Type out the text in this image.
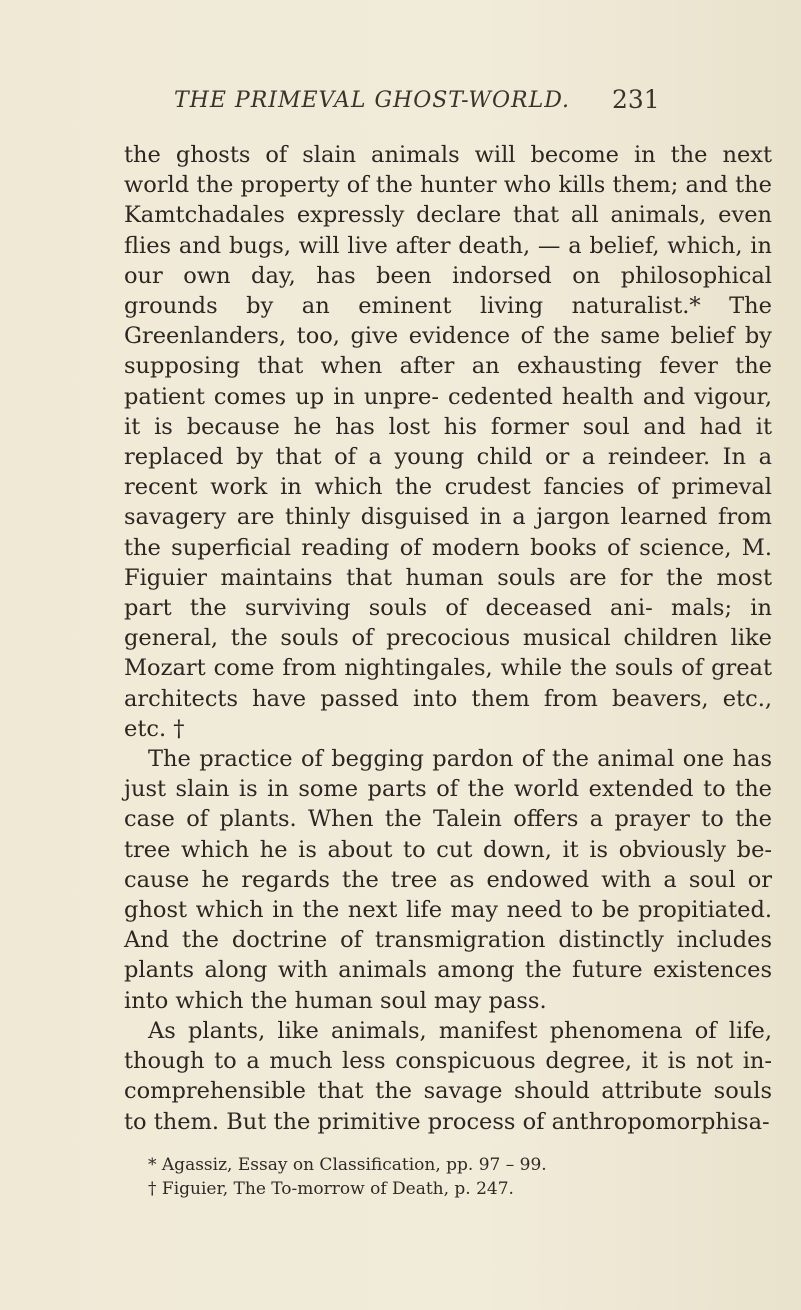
THE PRIMEVAL GHOST-WORLD. 231

the ghosts of slain animals will become in the next world the property of the hunter who kills them; and the Kamtchadales expressly declare that all animals, even flies and bugs, will live after death, — a belief, which, in our own day, has been indorsed on philosophical grounds by an eminent living naturalist.* The Greenlanders, too, give evidence of the same belief by supposing that when after an exhausting fever the patient comes up in unpre- cedented health and vigour, it is because he has lost his former soul and had it replaced by that of a young child or a reindeer. In a recent work in which the crudest fancies of primeval savagery are thinly disguised in a jargon learned from the superficial reading of modern books of science, M. Figuier maintains that human souls are for the most part the surviving souls of deceased ani- mals; in general, the souls of precocious musical children like Mozart come from nightingales, while the souls of great architects have passed into them from beavers, etc., etc. †

The practice of begging pardon of the animal one has just slain is in some parts of the world extended to the case of plants. When the Talein offers a prayer to the tree which he is about to cut down, it is obviously be- cause he regards the tree as endowed with a soul or ghost which in the next life may need to be propitiated. And the doctrine of transmigration distinctly includes plants along with animals among the future existences into which the human soul may pass.

As plants, like animals, manifest phenomena of life, though to a much less conspicuous degree, it is not in- comprehensible that the savage should attribute souls to them. But the primitive process of anthropomorphisa-

* Agassiz, Essay on Classification, pp. 97 – 99.

† Figuier, The To-morrow of Death, p. 247.
